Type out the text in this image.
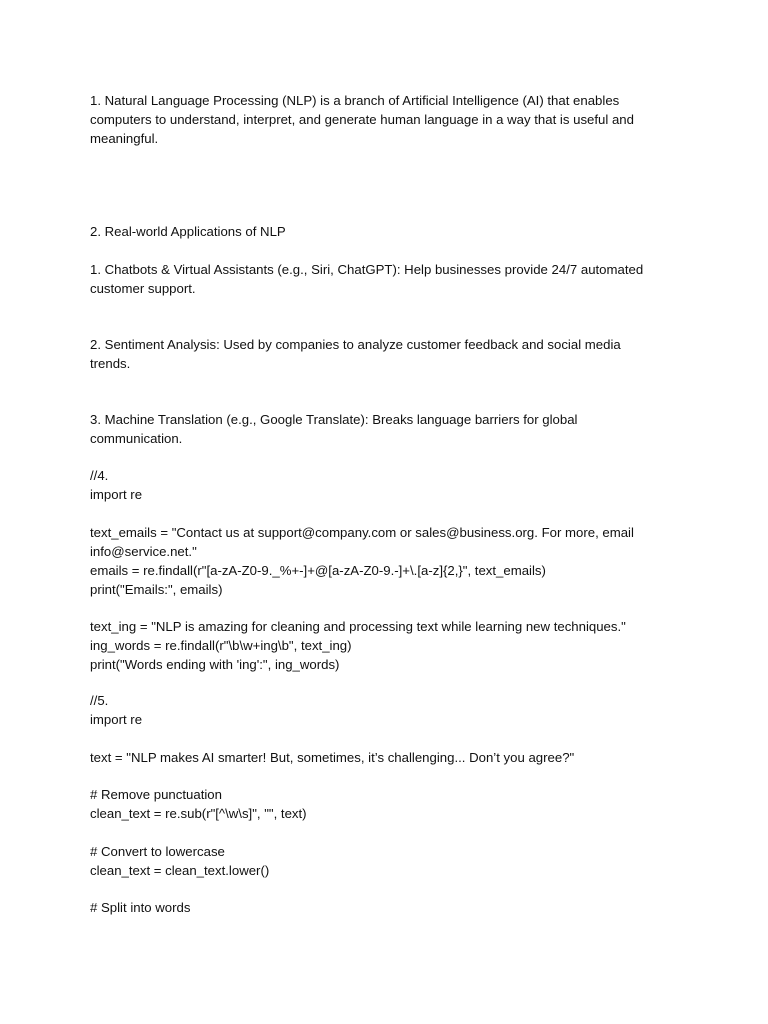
1. Natural Language Processing (NLP) is a branch of Artificial Intelligence (AI) that enables
computers to understand, interpret, and generate human language in a way that is useful and
meaningful.
2. Real-world Applications of NLP
1. Chatbots & Virtual Assistants (e.g., Siri, ChatGPT): Help businesses provide 24/7 automated
customer support.
2. Sentiment Analysis: Used by companies to analyze customer feedback and social media
trends.
3. Machine Translation (e.g., Google Translate): Breaks language barriers for global
communication.
//4.
import re
text_emails = "Contact us at support@company.com or sales@business.org. For more, email
info@service.net."
emails = re.findall(r"[a-zA-Z0-9._%+-]+@[a-zA-Z0-9.-]+\.[a-z]{2,}", text_emails)
print("Emails:", emails)
text_ing = "NLP is amazing for cleaning and processing text while learning new techniques."
ing_words = re.findall(r"\b\w+ing\b", text_ing)
print("Words ending with 'ing':", ing_words)
//5.
import re
text = "NLP makes AI smarter! But, sometimes, it’s challenging... Don’t you agree?"
# Remove punctuation
clean_text = re.sub(r"[^\w\s]", "", text)
# Convert to lowercase
clean_text = clean_text.lower()
# Split into words
